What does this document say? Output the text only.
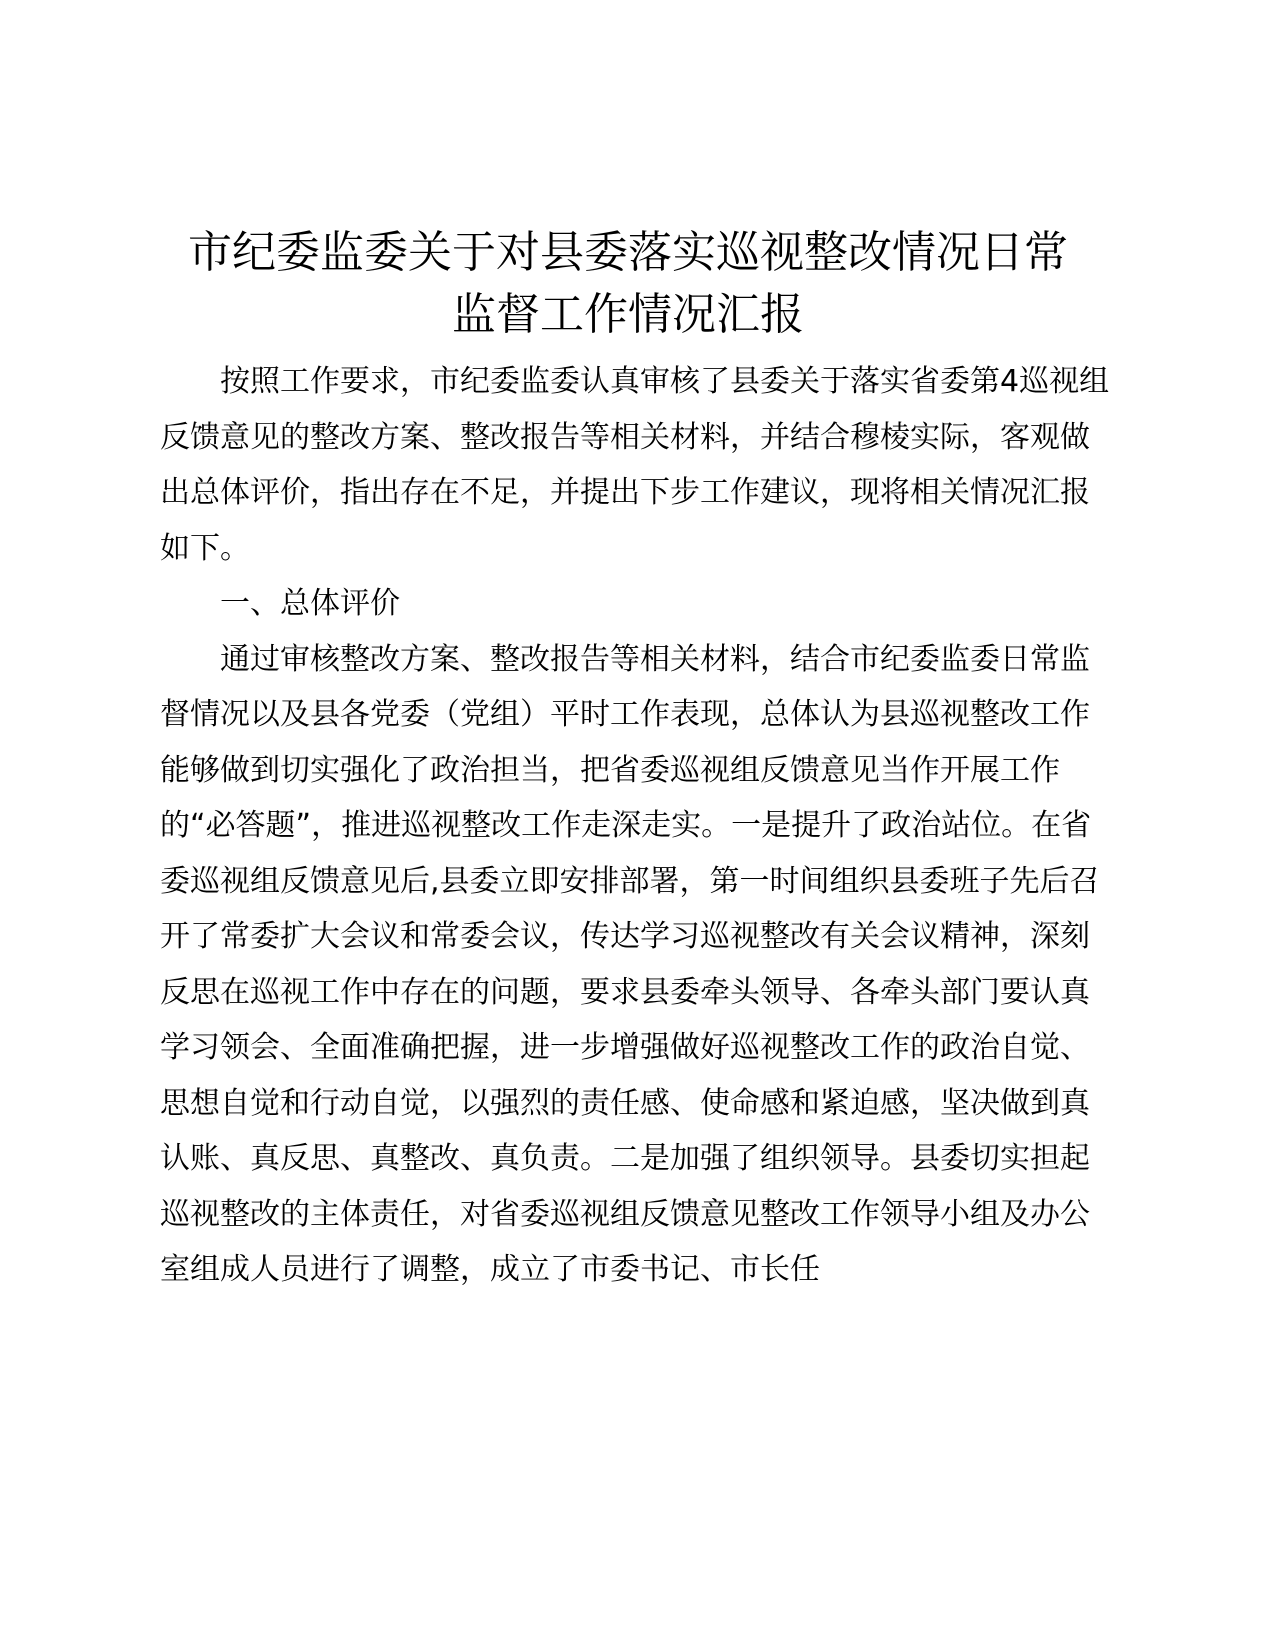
市纪委监委关于对县委落实巡视整改情况日常
监督工作情况汇报

按照工作要求，市纪委监委认真审核了县委关于落实省委第4巡视组反馈意见的整改方案、整改报告等相关材料，并结合穆棱实际，客观做出总体评价，指出存在不足，并提出下步工作建议，现将相关情况汇报如下。

一、总体评价

通过审核整改方案、整改报告等相关材料，结合市纪委监委日常监督情况以及县各党委（党组）平时工作表现，总体认为县巡视整改工作能够做到切实强化了政治担当，把省委巡视组反馈意见当作开展工作的“必答题”，推进巡视整改工作走深走实。一是提升了政治站位。在省委巡视组反馈意见后,县委立即安排部署，第一时间组织县委班子先后召开了常委扩大会议和常委会议，传达学习巡视整改有关会议精神，深刻反思在巡视工作中存在的问题，要求县委牵头领导、各牵头部门要认真学习领会、全面准确把握，进一步增强做好巡视整改工作的政治自觉、思想自觉和行动自觉，以强烈的责任感、使命感和紧迫感，坚决做到真认账、真反思、真整改、真负责。二是加强了组织领导。县委切实担起巡视整改的主体责任，对省委巡视组反馈意见整改工作领导小组及办公室组成人员进行了调整，成立了市委书记、市长任
